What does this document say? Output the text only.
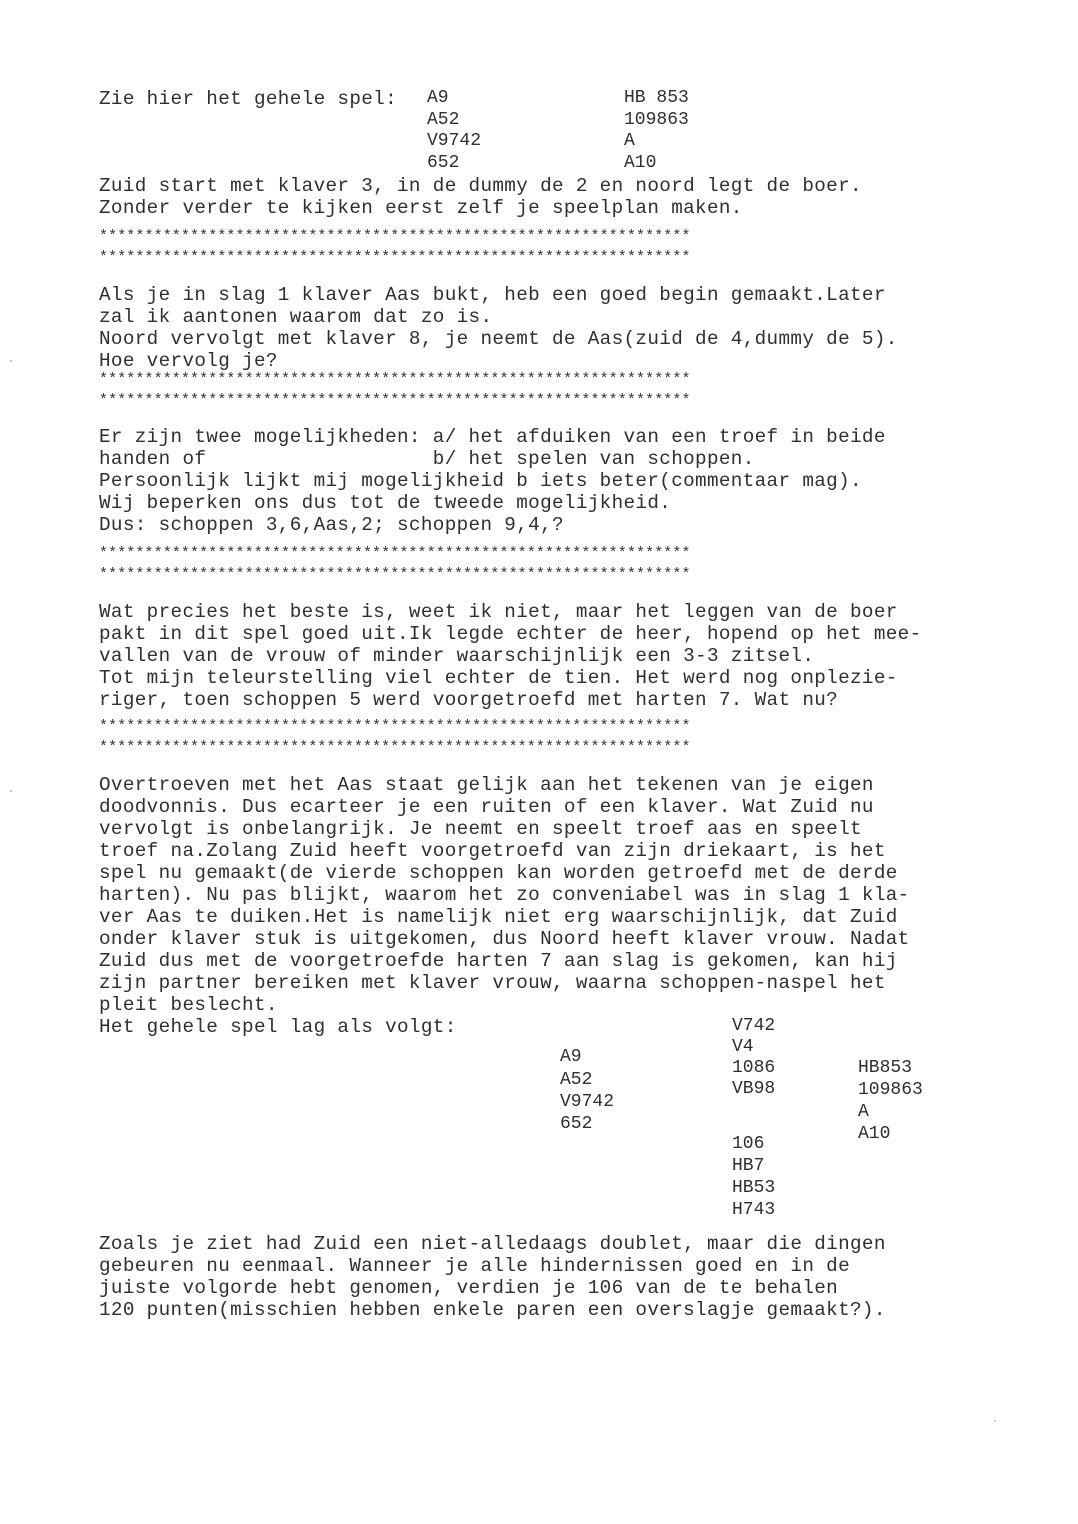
Zie hier het gehele spel: A9
A52
V9742
652
HB 853
109863
A
A10
Zuid start met klaver 3, in de dummy de 2 en noord legt de boer.
Zonder verder te kijken eerst zelf je speelplan maken.
*****************************************************************
*****************************************************************
Als je in slag 1 klaver Aas bukt, heb een goed begin gemaakt.Later
zal ik aantonen waarom dat zo is.
Noord vervolgt met klaver 8, je neemt de Aas(zuid de 4,dummy de 5).
Hoe vervolg je?
*****************************************************************
*****************************************************************
Er zijn twee mogelijkheden: a/ het afduiken van een troef in beide
handen of                   b/ het spelen van schoppen.
Persoonlijk lijkt mij mogelijkheid b iets beter(commentaar mag).
Wij beperken ons dus tot de tweede mogelijkheid.
Dus: schoppen 3,6,Aas,2; schoppen 9,4,?
*****************************************************************
*****************************************************************
Wat precies het beste is, weet ik niet, maar het leggen van de boer
pakt in dit spel goed uit.Ik legde echter de heer, hopend op het mee-
vallen van de vrouw of minder waarschijnlijk een 3-3 zitsel.
Tot mijn teleurstelling viel echter de tien. Het werd nog onplezie-
riger, toen schoppen 5 werd voorgetroefd met harten 7. Wat nu?
*****************************************************************
*****************************************************************
Overtroeven met het Aas staat gelijk aan het tekenen van je eigen
doodvonnis. Dus ecarteer je een ruiten of een klaver. Wat Zuid nu
vervolgt is onbelangrijk. Je neemt en speelt troef aas en speelt
troef na.Zolang Zuid heeft voorgetroefd van zijn driekaart, is het
spel nu gemaakt(de vierde schoppen kan worden getroefd met de derde
harten). Nu pas blijkt, waarom het zo conveniabel was in slag 1 kla-
ver Aas te duiken.Het is namelijk niet erg waarschijnlijk, dat Zuid
onder klaver stuk is uitgekomen, dus Noord heeft klaver vrouw. Nadat
Zuid dus met de voorgetroefde harten 7 aan slag is gekomen, kan hij
zijn partner bereiken met klaver vrouw, waarna schoppen-naspel het
pleit beslecht.
Het gehele spel lag als volgt:	V742
V4
1086
VB98
A9
A52
V9742
652
HB853
109863
A
A10
106
HB7
HB53
H743
Zoals je ziet had Zuid een niet-alledaags doublet, maar die dingen
gebeuren nu eenmaal. Wanneer je alle hindernissen goed en in de
juiste volgorde hebt genomen, verdien je 106 van de te behalen
120 punten(misschien hebben enkele paren een overslagje gemaakt?).
